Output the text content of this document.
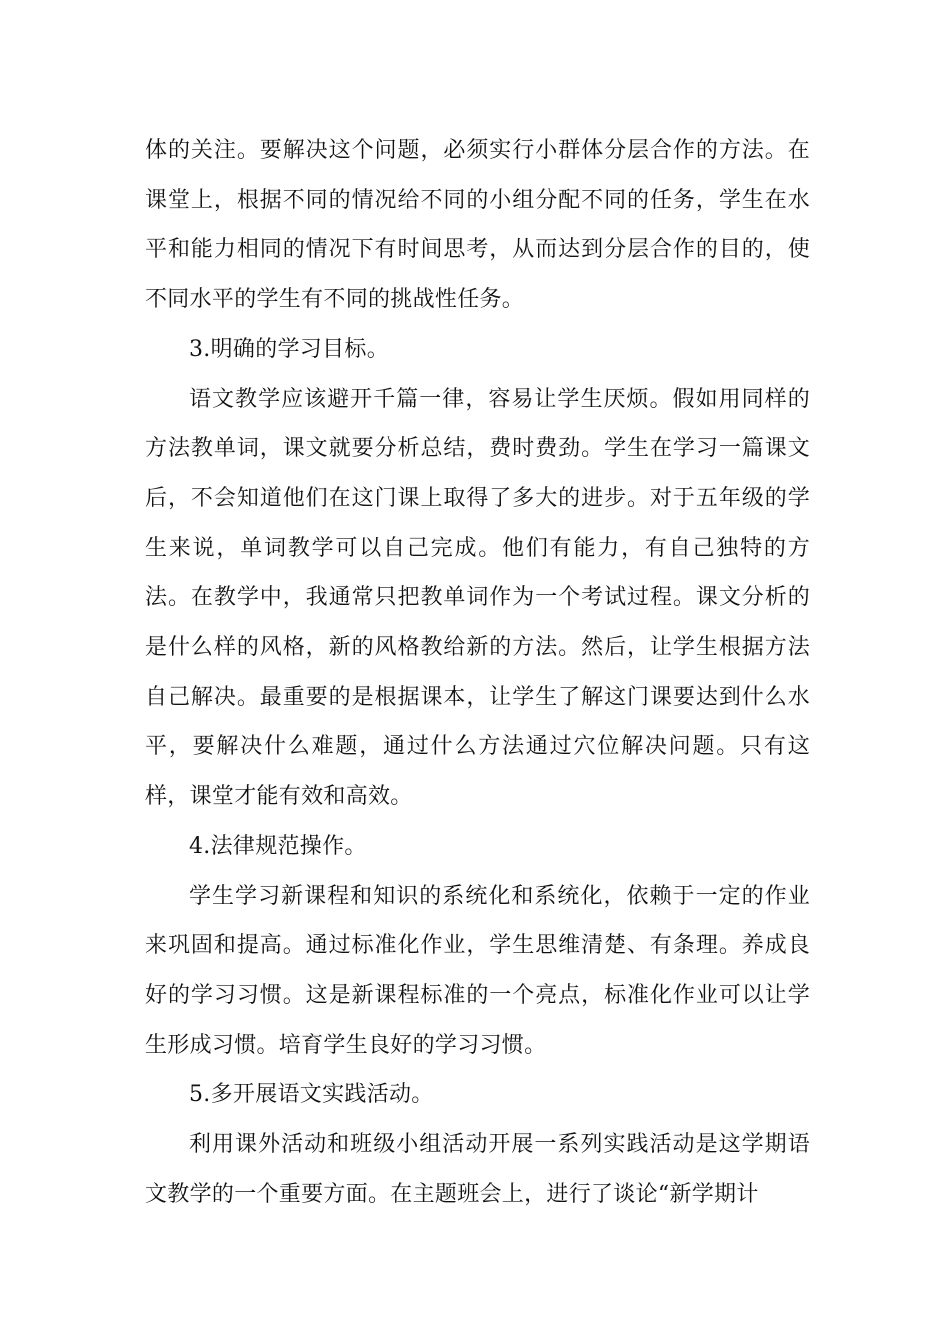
体的关注。要解决这个问题，必须实行小群体分层合作的方法。在课堂上，根据不同的情况给不同的小组分配不同的任务，学生在水平和能力相同的情况下有时间思考，从而达到分层合作的目的，使不同水平的学生有不同的挑战性任务。

3.明确的学习目标。

语文教学应该避开千篇一律，容易让学生厌烦。假如用同样的方法教单词，课文就要分析总结，费时费劲。学生在学习一篇课文后，不会知道他们在这门课上取得了多大的进步。对于五年级的学生来说，单词教学可以自己完成。他们有能力，有自己独特的方法。在教学中，我通常只把教单词作为一个考试过程。课文分析的是什么样的风格，新的风格教给新的方法。然后，让学生根据方法自己解决。最重要的是根据课本，让学生了解这门课要达到什么水平，要解决什么难题，通过什么方法通过穴位解决问题。只有这样，课堂才能有效和高效。

4.法律规范操作。

学生学习新课程和知识的系统化和系统化，依赖于一定的作业来巩固和提高。通过标准化作业，学生思维清楚、有条理。养成良好的学习习惯。这是新课程标准的一个亮点，标准化作业可以让学生形成习惯。培育学生良好的学习习惯。

5.多开展语文实践活动。

利用课外活动和班级小组活动开展一系列实践活动是这学期语文教学的一个重要方面。在主题班会上，进行了谈论“新学期计
